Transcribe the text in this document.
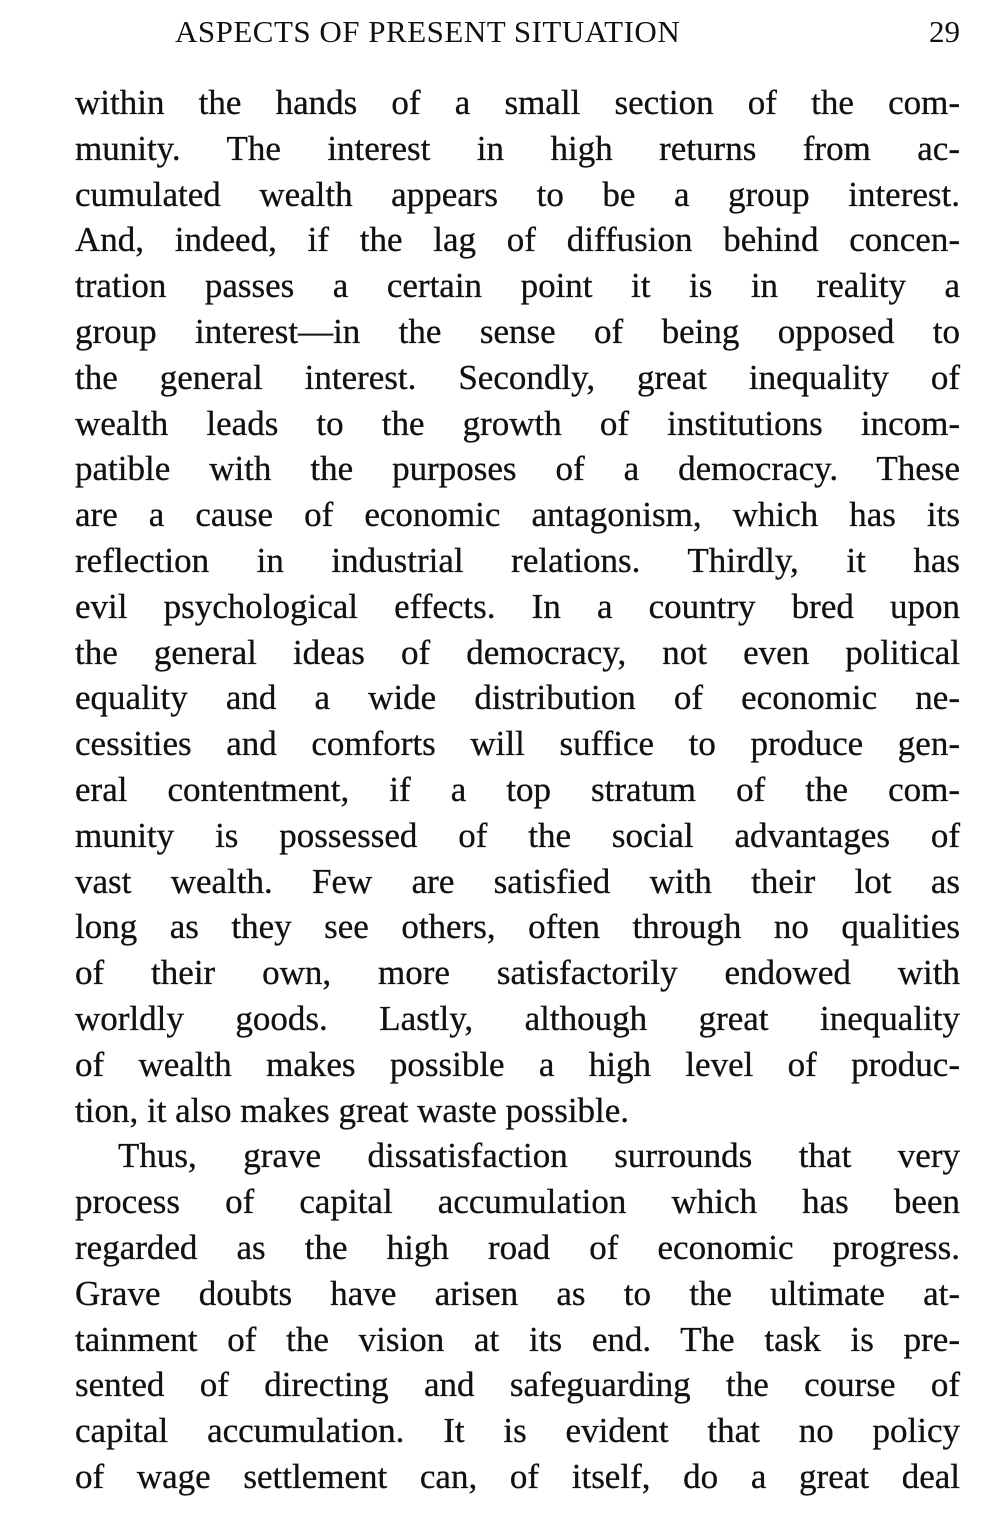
ASPECTS OF PRESENT SITUATION	29
within the hands of a small section of the com-
munity. The interest in high returns from ac-
cumulated wealth appears to be a group interest.
And, indeed, if the lag of diffusion behind concen-
tration passes a certain point it is in reality a
group interest—in the sense of being opposed to
the general interest. Secondly, great inequality of
wealth leads to the growth of institutions incom-
patible with the purposes of a democracy. These
are a cause of economic antagonism, which has its
reflection in industrial relations. Thirdly, it has
evil psychological effects. In a country bred upon
the general ideas of democracy, not even political
equality and a wide distribution of economic ne-
cessities and comforts will suffice to produce gen-
eral contentment, if a top stratum of the com-
munity is possessed of the social advantages of
vast wealth. Few are satisfied with their lot as
long as they see others, often through no qualities
of their own, more satisfactorily endowed with
worldly goods. Lastly, although great inequality
of wealth makes possible a high level of produc-
tion, it also makes great waste possible.
Thus, grave dissatisfaction surrounds that very
process of capital accumulation which has been
regarded as the high road of economic progress.
Grave doubts have arisen as to the ultimate at-
tainment of the vision at its end. The task is pre-
sented of directing and safeguarding the course of
capital accumulation. It is evident that no policy
of wage settlement can, of itself, do a great deal
